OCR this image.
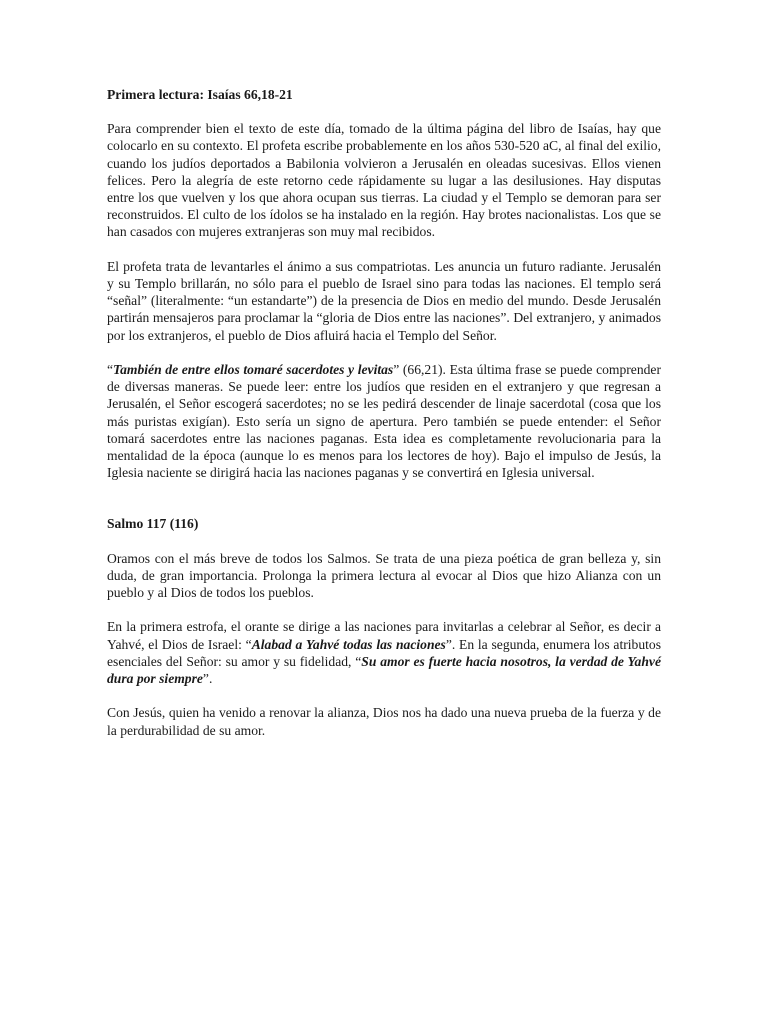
Primera lectura: Isaías 66,18-21

Para comprender bien el texto de este día, tomado de la última página del libro de Isaías, hay que colocarlo en su contexto. El profeta escribe probablemente en los años 530-520 aC, al final del exilio, cuando los judíos deportados a Babilonia volvieron a Jerusalén en oleadas sucesivas. Ellos vienen felices. Pero la alegría de este retorno cede rápidamente su lugar a las desilusiones. Hay disputas entre los que vuelven y los que ahora ocupan sus tierras. La ciudad y el Templo se demoran para ser reconstruidos. El culto de los ídolos se ha instalado en la región. Hay brotes nacionalistas. Los que se han casados con mujeres extranjeras son muy mal recibidos.

El profeta trata de levantarles el ánimo a sus compatriotas. Les anuncia un futuro radiante. Jerusalén y su Templo brillarán, no sólo para el pueblo de Israel sino para todas las naciones. El templo será “señal” (literalmente: “un estandarte”) de la presencia de Dios en medio del mundo. Desde Jerusalén partirán mensajeros para proclamar la “gloria de Dios entre las naciones”. Del extranjero, y animados por los extranjeros, el pueblo de Dios afluirá hacia el Templo del Señor.

“También de entre ellos tomaré sacerdotes y levitas” (66,21). Esta última frase se puede comprender de diversas maneras. Se puede leer: entre los judíos que residen en el extranjero y que regresan a Jerusalén, el Señor escogerá sacerdotes; no se les pedirá descender de linaje sacerdotal (cosa que los más puristas exigían). Esto sería un signo de apertura. Pero también se puede entender: el Señor tomará sacerdotes entre las naciones paganas. Esta idea es completamente revolucionaria para la mentalidad de la época (aunque lo es menos para los lectores de hoy). Bajo el impulso de Jesús, la Iglesia naciente se dirigirá hacia las naciones paganas y se convertirá en Iglesia universal.

Salmo 117 (116)

Oramos con el más breve de todos los Salmos. Se trata de una pieza poética de gran belleza y, sin duda, de gran importancia. Prolonga la primera lectura al evocar al Dios que hizo Alianza con un pueblo y al Dios de todos los pueblos.

En la primera estrofa, el orante se dirige a las naciones para invitarlas a celebrar al Señor, es decir a Yahvé, el Dios de Israel: “Alabad a Yahvé todas las naciones”. En la segunda, enumera los atributos esenciales del Señor: su amor y su fidelidad, “Su amor es fuerte hacia nosotros, la verdad de Yahvé dura por siempre”.

Con Jesús, quien ha venido a renovar la alianza, Dios nos ha dado una nueva prueba de la fuerza y de la perdurabilidad de su amor.
